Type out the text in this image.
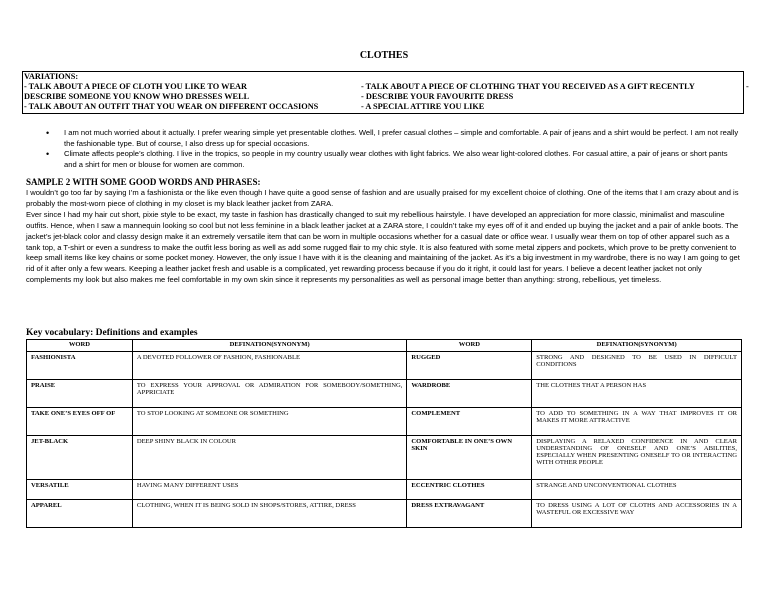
CLOTHES
VARIATIONS:
- TALK ABOUT A PIECE OF CLOTH YOU LIKE TO WEAR	- TALK ABOUT A PIECE OF CLOTHING THAT YOU RECEIVED AS A GIFT RECENTLY	-
DESCRIBE SOMEONE YOU KNOW WHO DRESSES WELL	- DESCRIBE YOUR FAVOURITE DRESS
- TALK ABOUT AN OUTFIT THAT YOU WEAR ON DIFFERENT OCCASIONS	- A SPECIAL ATTIRE YOU LIKE
• I am not much worried about it actually. I prefer wearing simple yet presentable clothes. Well, I prefer casual clothes – simple and comfortable. A pair of jeans and a shirt would be perfect. I am not really the fashionable type. But of course, I also dress up for special occasions.
• Climate affects people’s clothing. I live in the tropics, so people in my country usually wear clothes with light fabrics. We also wear light-colored clothes. For casual attire, a pair of jeans or short pants and a shirt for men or blouse for women are common.
SAMPLE 2 WITH SOME GOOD WORDS AND PHRASES:

I wouldn’t go too far by saying I’m a fashionista or the like even though I have quite a good sense of fashion and are usually praised for my excellent choice of clothing. One of the items that I am crazy about and is probably the most-worn piece of clothing in my closet is my black leather jacket from ZARA.

Ever since I had my hair cut short, pixie style to be exact, my taste in fashion has drastically changed to suit my rebellious hairstyle. I have developed an appreciation for more classic, minimalist and masculine outfits. Hence, when I saw a mannequin looking so cool but not less feminine in a black leather jacket at a ZARA store, I couldn’t take my eyes off of it and ended up buying the jacket and a pair of ankle boots. The jacket’s jet-black color and classy design make it an extremely versatile item that can be worn in multiple occasions whether for a casual date or office wear. I usually wear them on top of other apparel such as a tank top, a T-shirt or even a sundress to make the outfit less boring as well as add some rugged flair to my chic style. It is also featured with some metal zippers and pockets, which prove to be pretty convenient to keep small items like key chains or some pocket money. However, the only issue I have with it is the cleaning and maintaining of the jacket. As it’s a big investment in my wardrobe, there is no way I am going to get rid of it after only a few wears. Keeping a leather jacket fresh and usable is a complicated, yet rewarding process because if you do it right, it could last for years. I believe a decent leather jacket not only complements my look but also makes me feel comfortable in my own skin since it represents my personalities as well as personal image better than anything: strong, rebellious, yet timeless.

Key vocabulary: Definitions and examples
WORD	DEFINATION(SYNONYM)	WORD	DEFINATION(SYNONYM)
FASHIONISTA	A DEVOTED FOLLOWER OF FASHION, FASHIONABLE	RUGGED	STRONG AND DESIGNED TO BE USED IN DIFFICULT CONDITIONS
PRAISE	TO EXPRESS YOUR APPROVAL OR ADMIRATION FOR SOMEBODY/SOMETHING, APPRICIATE	WARDROBE	THE CLOTHES THAT A PERSON HAS
TAKE ONE’S EYES OFF OF	TO STOP LOOKING AT SOMEONE OR SOMETHING	COMPLEMENT	TO ADD TO SOMETHING IN A WAY THAT IMPROVES IT OR MAKES IT MORE ATTRACTIVE
JET-BLACK	DEEP SHINY BLACK IN COLOUR	COMFORTABLE IN ONE’S OWN SKIN	DISPLAYING A RELAXED CONFIDENCE IN AND CLEAR UNDERSTANDING OF ONESELF AND ONE’S ABILITIES, ESPECIALLY WHEN PRESENTING ONESELF TO OR INTERACTING WITH OTHER PEOPLE
VERSATILE	HAVING MANY DIFFERENT USES	ECCENTRIC CLOTHES	STRANGE AND UNCONVENTIONAL CLOTHES
APPAREL	CLOTHING, WHEN IT IS BEING SOLD IN SHOPS/STORES, ATTIRE, DRESS	DRESS EXTRAVAGANT	TO DRESS USING A LOT OF CLOTHS AND ACCESSORIES IN A WASTEFUL OR EXCESSIVE WAY
